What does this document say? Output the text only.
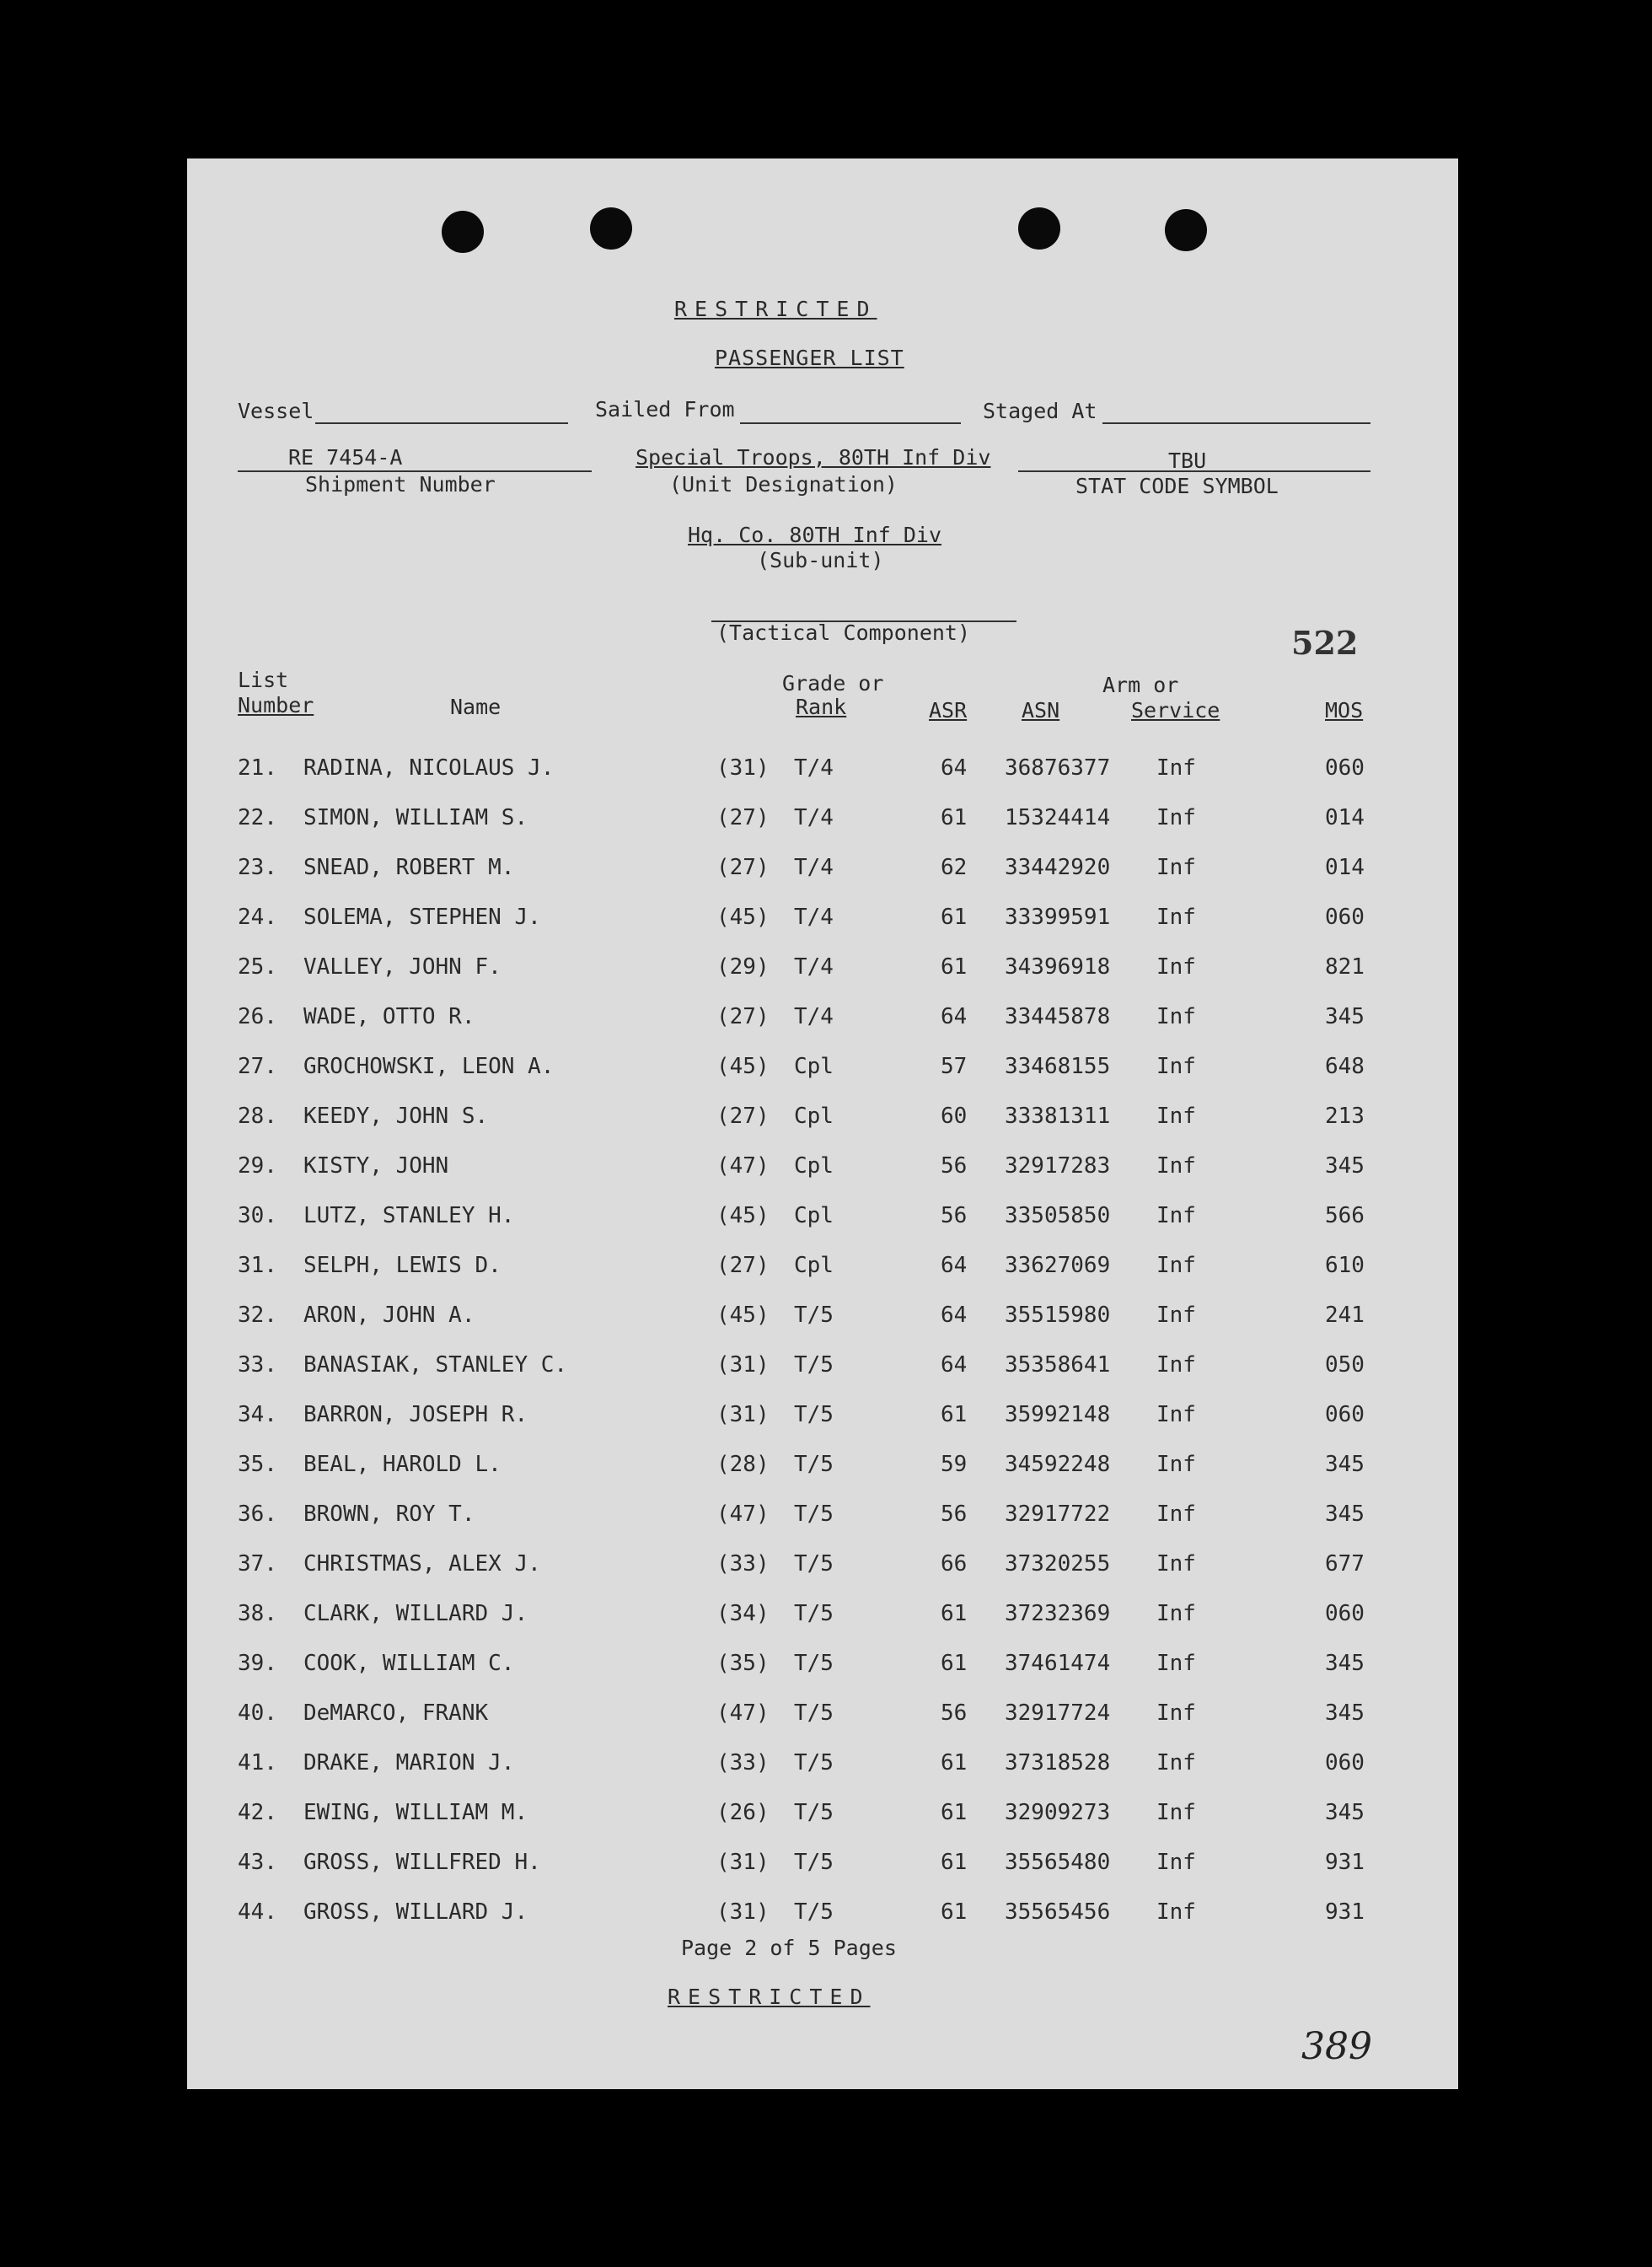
RESTRICTED
PASSENGER LIST
Vessel	Sailed From	Staged At
RE 7454-A
Shipment Number
Special Troops, 80TH Inf Div
(Unit Designation)
TBU
STAT CODE SYMBOL
Hq. Co. 80TH Inf Div
(Sub-unit)
(Tactical Component)	522
List
Number	Name
Grade or
Rank	ASR	ASN
Arm or
Service	MOS
21. RADINA, NICOLAUS J.	(31) T/4	64 36876377 Inf	060
22. SIMON, WILLIAM S.	(27) T/4	61 15324414 Inf	014
23. SNEAD, ROBERT M.	(27) T/4	62 33442920 Inf	014
24. SOLEMA, STEPHEN J.	(45) T/4	61 33399591 Inf	060
25. VALLEY, JOHN F.	(29) T/4	61 34396918 Inf	821
26. WADE, OTTO R.	(27) T/4	64 33445878 Inf	345
27. GROCHOWSKI, LEON A.	(45) Cpl	57 33468155 Inf	648
28. KEEDY, JOHN S.	(27) Cpl	60 33381311 Inf	213
29. KISTY, JOHN	(47) Cpl	56 32917283 Inf	345
30. LUTZ, STANLEY H.	(45) Cpl	56 33505850 Inf	566
31. SELPH, LEWIS D.	(27) Cpl	64 33627069 Inf	610
32. ARON, JOHN A.	(45) T/5	64 35515980 Inf	241
33. BANASIAK, STANLEY C.	(31) T/5	64 35358641 Inf	050
34. BARRON, JOSEPH R.	(31) T/5	61 35992148 Inf	060
35. BEAL, HAROLD L.	(28) T/5	59 34592248 Inf	345
36. BROWN, ROY T.	(47) T/5	56 32917722 Inf	345
37. CHRISTMAS, ALEX J.	(33) T/5	66 37320255 Inf	677
38. CLARK, WILLARD J.	(34) T/5	61 37232369 Inf	060
39. COOK, WILLIAM C.	(35) T/5	61 37461474 Inf	345
40. DeMARCO, FRANK	(47) T/5	56 32917724 Inf	345
41. DRAKE, MARION J.	(33) T/5	61 37318528 Inf	060
42. EWING, WILLIAM M.	(26) T/5	61 32909273 Inf	345
43. GROSS, WILLFRED H.	(31) T/5	61 35565480 Inf	931
44. GROSS, WILLARD J.	(31) T/5	61 35565456 Inf	931
Page 2 of 5 Pages
RESTRICTED
389
